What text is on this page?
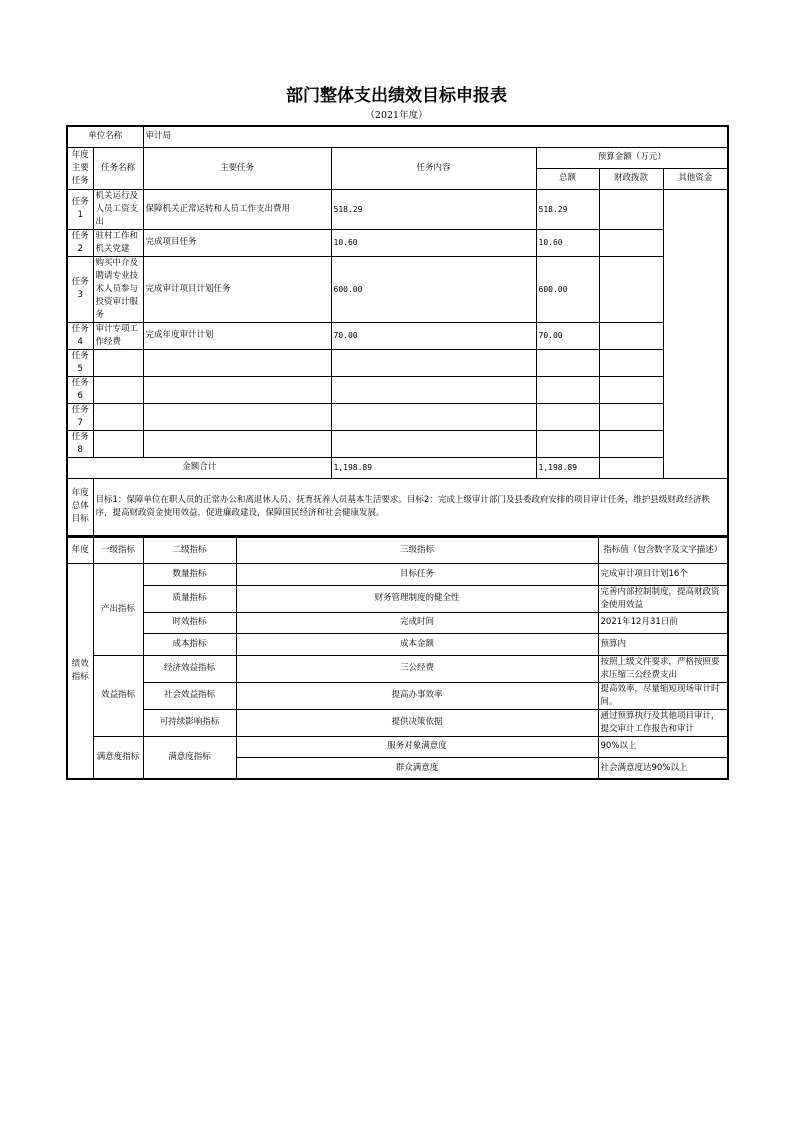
部门整体支出绩效目标申报表
（2021年度）
单位名称		审计局				
年度主要任务	任务名称	主要任务	任务内容	预算金额（万元）		
				总额	财政拨款	其他资金
任务1	机关运行及人员工资支出	保障机关正常运转和人员工作支出费用	518.29	518.29		
任务2	驻村工作和机关党建	完成项目任务	10.60	10.60		
任务3	购买中介及聘请专业技术人员参与投资审计服务	完成审计项目计划任务	600.00	600.00		
任务4	审计专项工作经费	完成年度审计计划	70.00	70.00		
任务5						
任务6						
任务7						
任务8						
金额合计			1,198.89	1,198.89		
年度总体目标	目标1：保障单位在职人员的正常办公和离退休人员、抚育抚养人员基本生活要求。目标2：完成上级审计部门及县委政府安排的项目审计任务，维护县级财政经济秩序，提高财政资金使用效益，促进廉政建设，保障国民经济和社会健康发展。					
年度	一级指标	二级指标	三级指标	指标值（包含数字及文字描述）
绩效指标	产出指标	数量指标	目标任务	完成审计项目计划16个
		质量指标	财务管理制度的健全性	完善内部控制制度，提高财政资金使用效益
		时效指标	完成时间	2021年12月31日前
		成本指标	成本金额	预算内
	效益指标	经济效益指标	三公经费	按照上级文件要求，严格按照要求压缩三公经费支出
		社会效益指标	提高办事效率	提高效率，尽量缩短现场审计时间。
		可持续影响指标	提供决策依据	通过预算执行及其他项目审计，提交审计工作报告和审计
	满意度指标	满意度指标	服务对象满意度	90%以上
			群众满意度	社会满意度达90%以上
